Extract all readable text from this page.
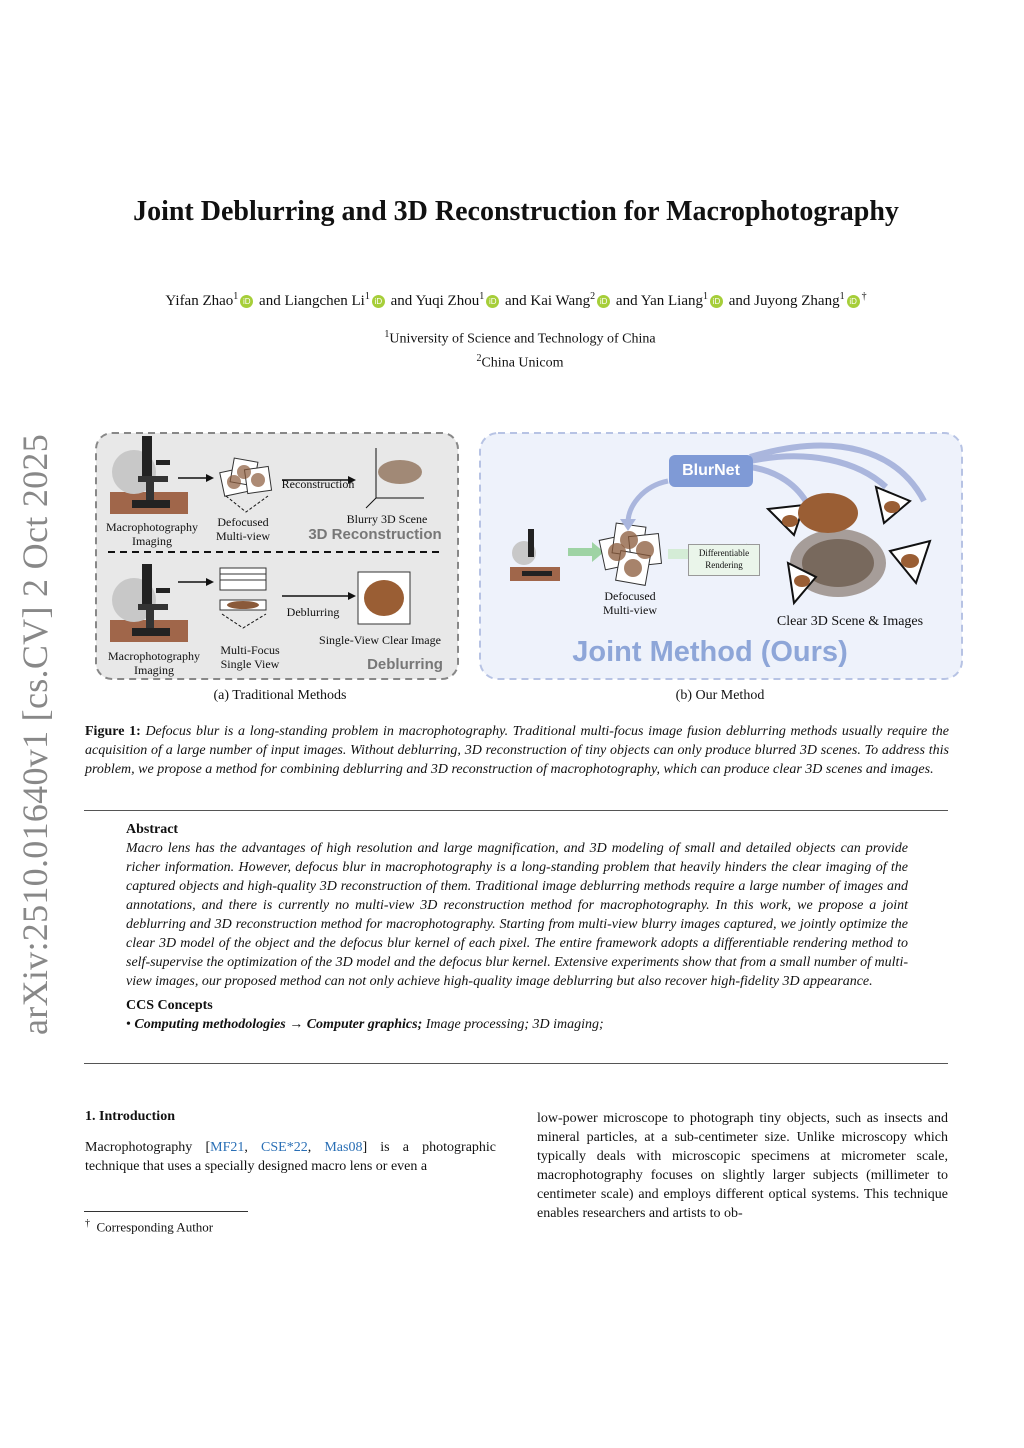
arXiv:2510.01640v1 [cs.CV] 2 Oct 2025
Joint Deblurring and 3D Reconstruction for Macrophotography
Yifan Zhao$^1$ iD and Liangchen Li$^1$ iD and Yuqi Zhou$^1$ iD and Kai Wang$^2$ iD and Yan Liang$^1$ iD and Juyong Zhang$^1$ iD †
$^1$University of Science and Technology of China
$^2$China Unicom
Macrophotography Imaging
Defocused Multi-view
Reconstruction
Blurry 3D Scene
3D Reconstruction
Macrophotography Imaging
Multi-Focus Single View
Deblurring
Single-View Clear Image
Deblurring
BlurNet
Differentiable Rendering
Defocused Multi-view
Clear 3D Scene & Images
Joint Method (Ours)
(a) Traditional Methods	(b) Our Method
Figure 1: Defocus blur is a long-standing problem in macrophotography. Traditional multi-focus image fusion deblurring methods usually require the acquisition of a large number of input images. Without deblurring, 3D reconstruction of tiny objects can only produce blurred 3D scenes. To address this problem, we propose a method for combining deblurring and 3D reconstruction of macrophotography, which can produce clear 3D scenes and images.
Abstract
Macro lens has the advantages of high resolution and large magnification, and 3D modeling of small and detailed objects can provide richer information. However, defocus blur in macrophotography is a long-standing problem that heavily hinders the clear imaging of the captured objects and high-quality 3D reconstruction of them. Traditional image deblurring methods require a large number of images and annotations, and there is currently no multi-view 3D reconstruction method for macrophotography. In this work, we propose a joint deblurring and 3D reconstruction method for macrophotography. Starting from multi-view blurry images captured, we jointly optimize the clear 3D model of the object and the defocus blur kernel of each pixel. The entire framework adopts a differentiable rendering method to self-supervise the optimization of the 3D model and the defocus blur kernel. Extensive experiments show that from a small number of multi-view images, our proposed method can not only achieve high-quality image deblurring but also recover high-fidelity 3D appearance.
CCS Concepts
• Computing methodologies → Computer graphics; Image processing; 3D imaging;
1. Introduction
Macrophotography [MF21, CSE*22, Mas08] is a photographic technique that uses a specially designed macro lens or even a
low-power microscope to photograph tiny objects, such as insects and mineral particles, at a sub-centimeter size. Unlike microscopy which typically deals with microscopic specimens at micrometer scale, macrophotography focuses on slightly larger subjects (millimeter to centimeter scale) and employs different optical systems. This technique enables researchers and artists to ob-
† Corresponding Author
